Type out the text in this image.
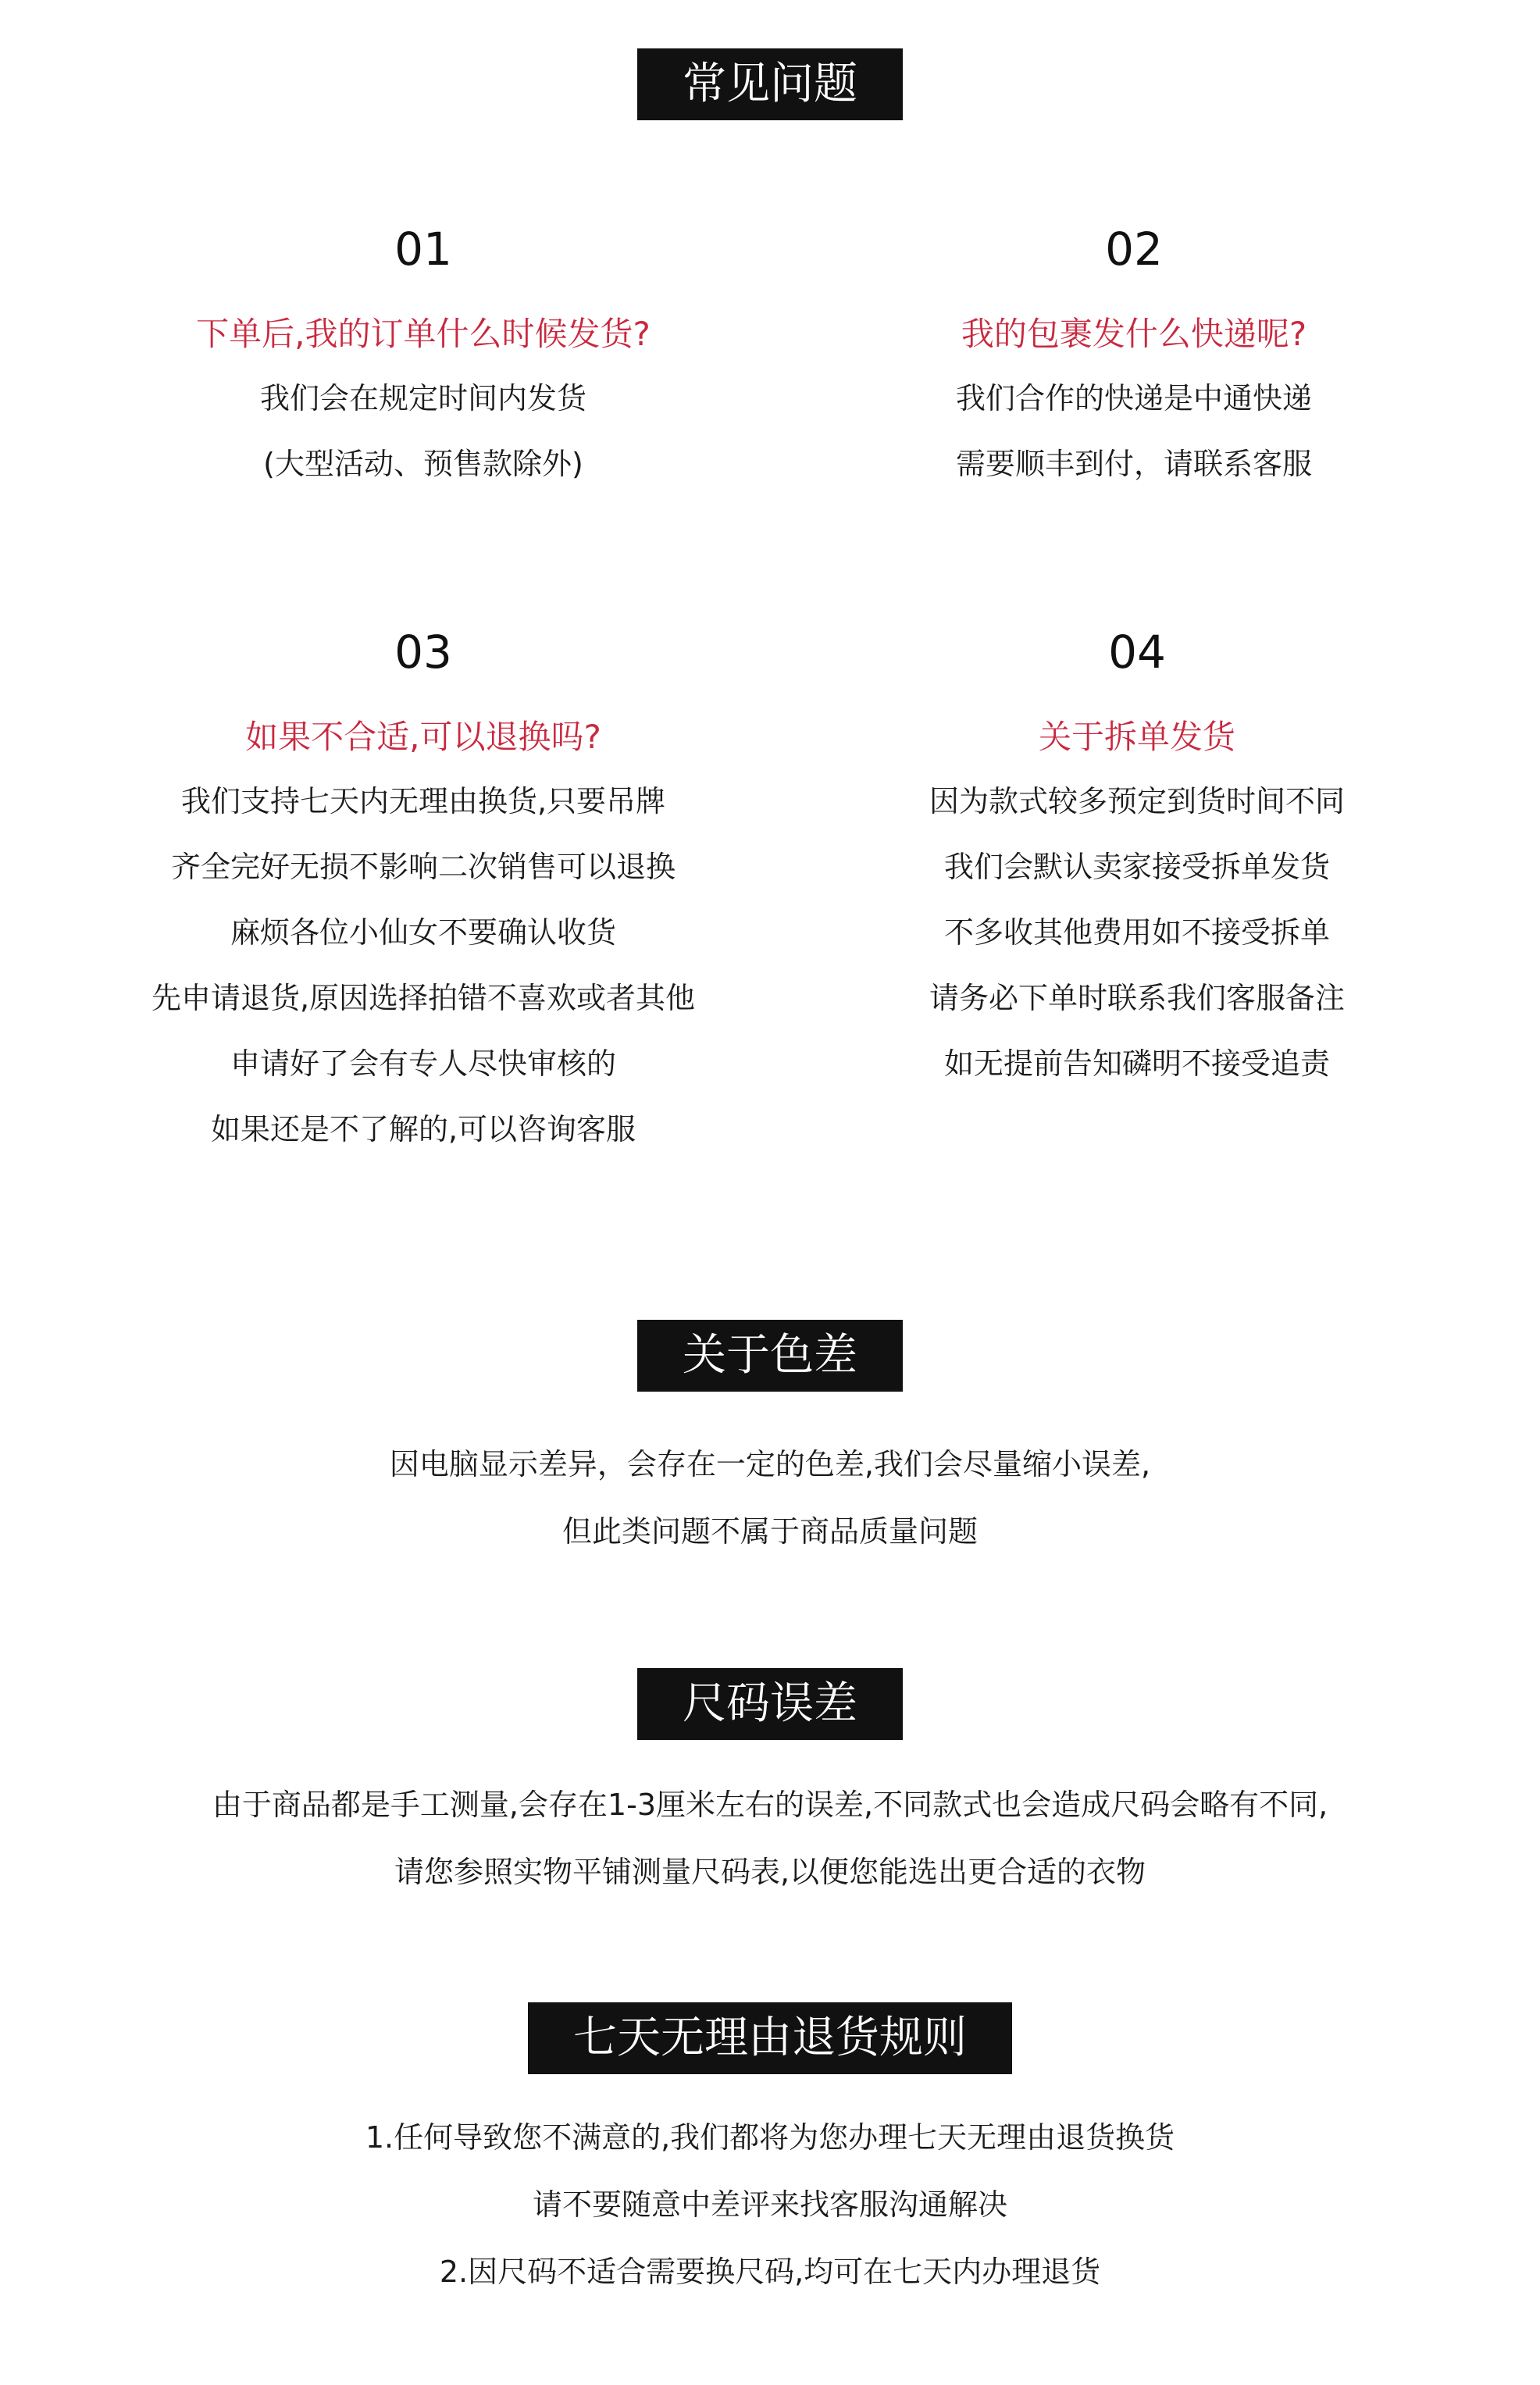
常见问题
01
下单后,我的订单什么时候发货?
我们会在规定时间内发货
(大型活动、预售款除外)
02
我的包裹发什么快递呢?
我们合作的快递是中通快递
需要顺丰到付，请联系客服
03
如果不合适,可以退换吗?
我们支持七天内无理由换货,只要吊牌
齐全完好无损不影响二次销售可以退换
麻烦各位小仙女不要确认收货
先申请退货,原因选择拍错不喜欢或者其他
申请好了会有专人尽快审核的
如果还是不了解的,可以咨询客服
04
关于拆单发货
因为款式较多预定到货时间不同
我们会默认卖家接受拆单发货
不多收其他费用如不接受拆单
请务必下单时联系我们客服备注
如无提前告知磷明不接受追责
关于色差
因电脑显示差异，会存在一定的色差,我们会尽量缩小误差,
但此类问题不属于商品质量问题
尺码误差
由于商品都是手工测量,会存在1-3厘米左右的误差,不同款式也会造成尺码会略有不同,
请您参照实物平铺测量尺码表,以便您能选出更合适的衣物
七天无理由退货规则
1.任何导致您不满意的,我们都将为您办理七天无理由退货换货
请不要随意中差评来找客服沟通解决
2.因尺码不适合需要换尺码,均可在七天内办理退货
